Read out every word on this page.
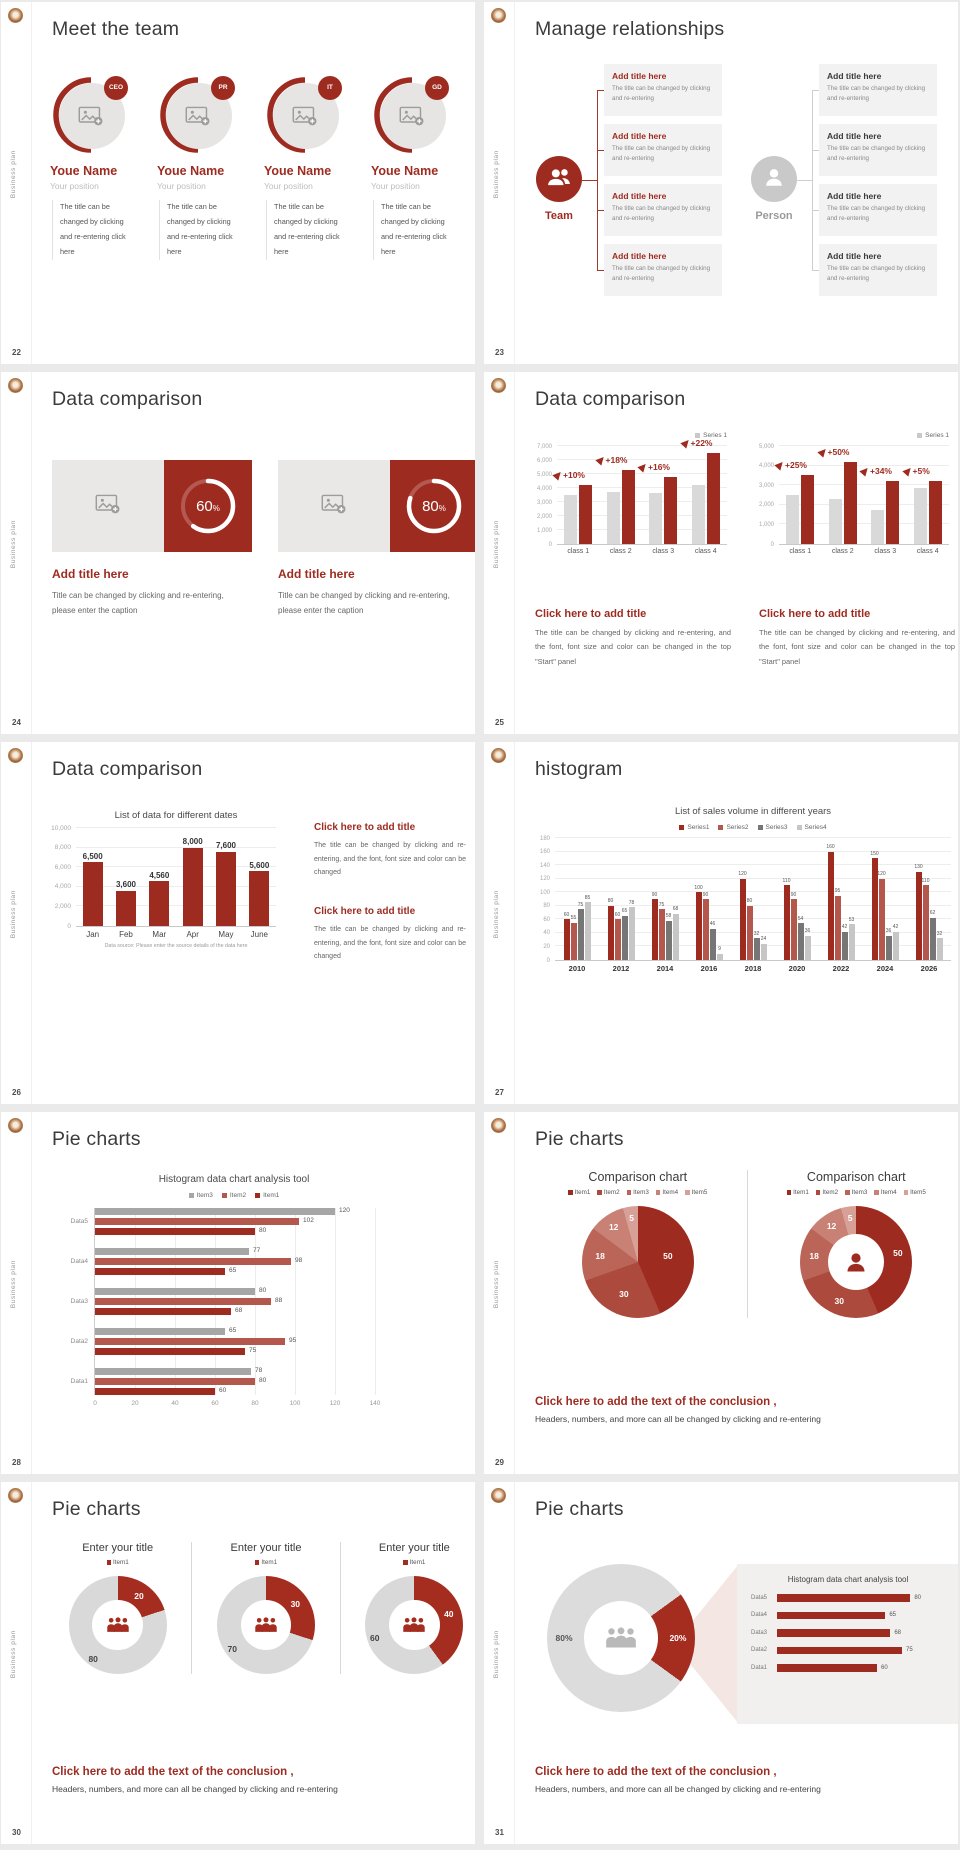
Business plan
22
Meet the team
CEO
Youe Name
Your position
The title can be changed by clicking and re-entering click here
PR
Youe Name
Your position
The title can be changed by clicking and re-entering click here
IT
Youe Name
Your position
The title can be changed by clicking and re-entering click here
GD
Youe Name
Your position
The title can be changed by clicking and re-entering click here
Business plan
23
Manage relationships
Team
Add title here
The title can be changed by clicking and re-entering
Add title here
The title can be changed by clicking and re-entering
Add title here
The title can be changed by clicking and re-entering
Add title here
The title can be changed by clicking and re-entering
Person
Add title here
The title can be changed by clicking and re-entering
Add title here
The title can be changed by clicking and re-entering
Add title here
The title can be changed by clicking and re-entering
Add title here
The title can be changed by clicking and re-entering
Business plan
24
Data comparison
60 %
Add title here
Title can be changed by clicking and re-entering, please enter the caption
80 %
Add title here
Title can be changed by clicking and re-entering, please enter the caption
Business plan
25
Data comparison
Series 1
7,000
6,000
5,000
4,000
3,000
2,000
1,000
0
class 1
+10%
class 2
+18%
class 3
+16%
class 4
+22%
Series 1
5,000
4,000
3,000
2,000
1,000
0
class 1
+25%
class 2
+50%
class 3
+34%
class 4
+5%
Click here to add title
The title can be changed by clicking and re-entering, and the font, font size and color can be changed in the top "Start" panel
Click here to add title
The title can be changed by clicking and re-entering, and the font, font size and color can be changed in the top "Start" panel
Business plan
26
Data comparison
List of data for different dates
10,000
8,000
6,000
4,000
2,000
0
6,500
Jan
3,600
Feb
4,560
Mar
8,000
Apr
7,600
May
5,600
June
Data source: Please enter the source details of the data here
Click here to add title
The title can be changed by clicking and re-entering, and the font, font size and color can be changed
Click here to add title
The title can be changed by clicking and re-entering, and the font, font size and color can be changed
Business plan
27
histogram
List of sales volume in different years
Series1	Series2	Series3	Series4
180
160
140
120
100
80
60
40
20
0
60
55
75
85
2010
80
60
65
78
2012
90
75
58
68
2014
100
90
46
9
2016
120
80
32
24
2018
110
90
54
36
2020
160
95
42
53
2022
150
120
36
42
2024
130
110
62
32
2026
Business plan
28
Pie charts
Histogram data chart analysis tool
Item3	Item2	Item1
0	20	40	60	80	100	120	140
120
102
80
Data5
77
98
65
Data4
80
88
68
Data3
65
95
75
Data2
78
80
60
Data1
Business plan
29
Pie charts
Comparison chart
Item1 Item2 Item3 Item4 Item5
50
30
18
12
5
Comparison chart
Item1 Item2 Item3 Item4 Item5
50
30
18
12
5
Click here to add the text of the conclusion ,
Headers, numbers, and more can all be changed by clicking and re-entering
Business plan
30
Pie charts
Enter your title
Item1
20
80
Enter your title
Item1
30
70
Enter your title
Item1
40
60
Click here to add the text of the conclusion ,
Headers, numbers, and more can all be changed by clicking and re-entering
Business plan
31
Pie charts
20%
80%
Histogram data chart analysis tool
Data5	80
Data4	65
Data3	68
Data2	75
Data1	60
Click here to add the text of the conclusion ,
Headers, numbers, and more can all be changed by clicking and re-entering
